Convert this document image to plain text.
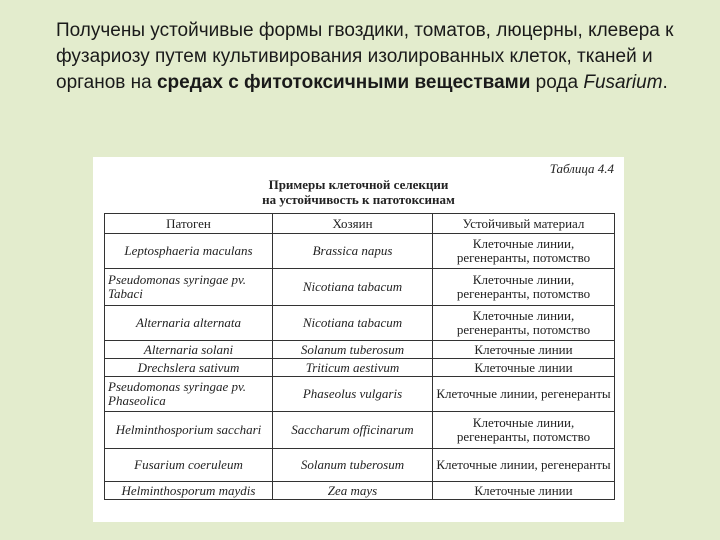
Получены устойчивые формы гвоздики, томатов, люцерны, клевера к фузариозу путем культивирования изолированных клеток, тканей и органов на средах с фитотоксичными веществами рода Fusarium.
Таблица 4.4
Примеры клеточной селекции
на устойчивость к патотоксинам
Патоген	Хозяин	Устойчивый материал
Leptosphaeria maculans	Brassica napus	Клеточные линии, регенеранты, потомство
Pseudomonas syringae pv. Tabaci	Nicotiana tabacum	Клеточные линии, регенеранты, потомство
Alternaria alternata	Nicotiana tabacum	Клеточные линии, регенеранты, потомство
Alternaria solani	Solanum tuberosum	Клеточные линии
Drechslera sativum	Triticum aestivum	Клеточные линии
Pseudomonas syringae pv. Phaseolica	Phaseolus vulgaris	Клеточные линии, регенеранты
Helminthosporium sacchari	Saccharum officinarum	Клеточные линии, регенеранты, потомство
Fusarium coeruleum	Solanum tuberosum	Клеточные линии, регенеранты
Helminthosporum maydis	Zea mays	Клеточные линии
